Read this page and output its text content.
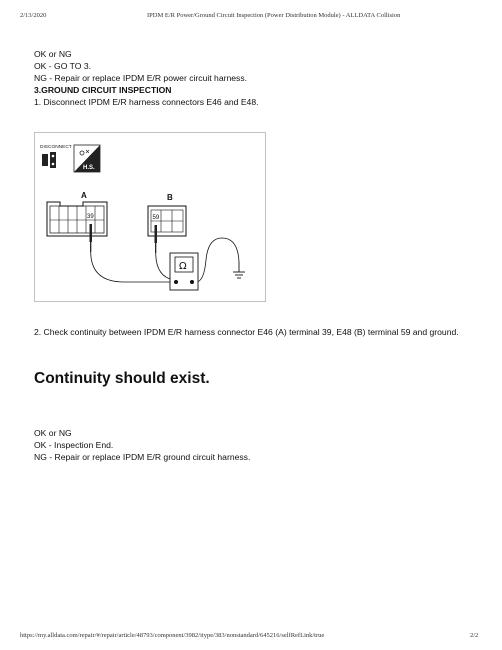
2/13/2020	IPDM E/R Power/Ground Circuit Inspection (Power Distribution Module) - ALLDATA Collision
OK or NG
OK - GO TO 3.
NG - Repair or replace IPDM E/R power circuit harness.
3.GROUND CIRCUIT INSPECTION
1. Disconnect IPDM E/R harness connectors E46 and E48.
DISCONNECT
H.S.
A
39
B
59
Ω
2. Check continuity between IPDM E/R harness connector E46 (A) terminal 39, E48 (B) terminal 59 and ground.
Continuity should exist.
OK or NG
OK - Inspection End.
NG - Repair or replace IPDM E/R ground circuit harness.
https://my.alldata.com/repair/#/repair/article/48793/component/3982/itype/383/nonstandard/645216/selfRefLink/true	2/2
